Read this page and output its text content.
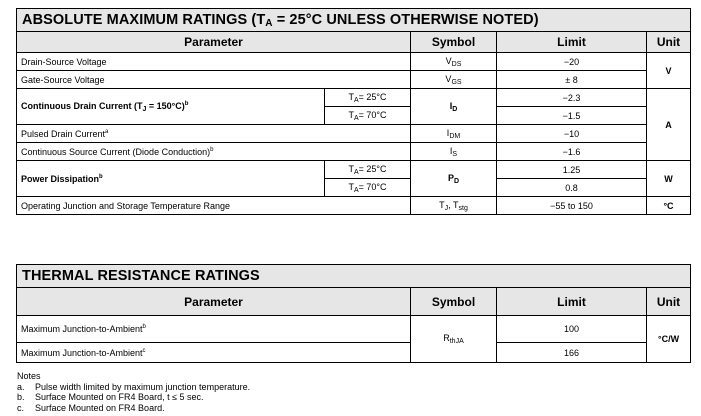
ABSOLUTE MAXIMUM RATINGS ($T_A = 25^\circ C$ UNLESS OTHERWISE NOTED)				
Parameter		Symbol	Limit	Unit
Drain-Source Voltage		$V_{DS}$	−20	V
Gate-Source Voltage		$V_{GS}$	± 8	
Continuous Drain Current $(T_J = 150^\circ C)^b$	$T_A= 25^\circ C$	$I_D$	−2.3	A
	$T_A= 70^\circ C$		−1.5	
Pulsed Drain Current$^a$		$I_{DM}$	−10	
Continuous Source Current (Diode Conduction)$^b$		$I_S$	−1.6	
Power Dissipation$^b$	$T_A= 25^\circ C$	$P_D$	1.25	W
	$T_A= 70^\circ C$		0.8	
Operating Junction and Storage Temperature Range		$T_J$, $T_{stg}$	−55 to 150	°C
THERMAL RESISTANCE RATINGS			
Parameter	Symbol	Limit	Unit
Maximum Junction-to-Ambient$^b$	$R_{thJA}$	100	°C/W
Maximum Junction-to-Ambient$^c$		166	
Notes
a.	Pulse width limited by maximum junction temperature.
b.	Surface Mounted on FR4 Board, t ≤ 5 sec.
c.	Surface Mounted on FR4 Board.
